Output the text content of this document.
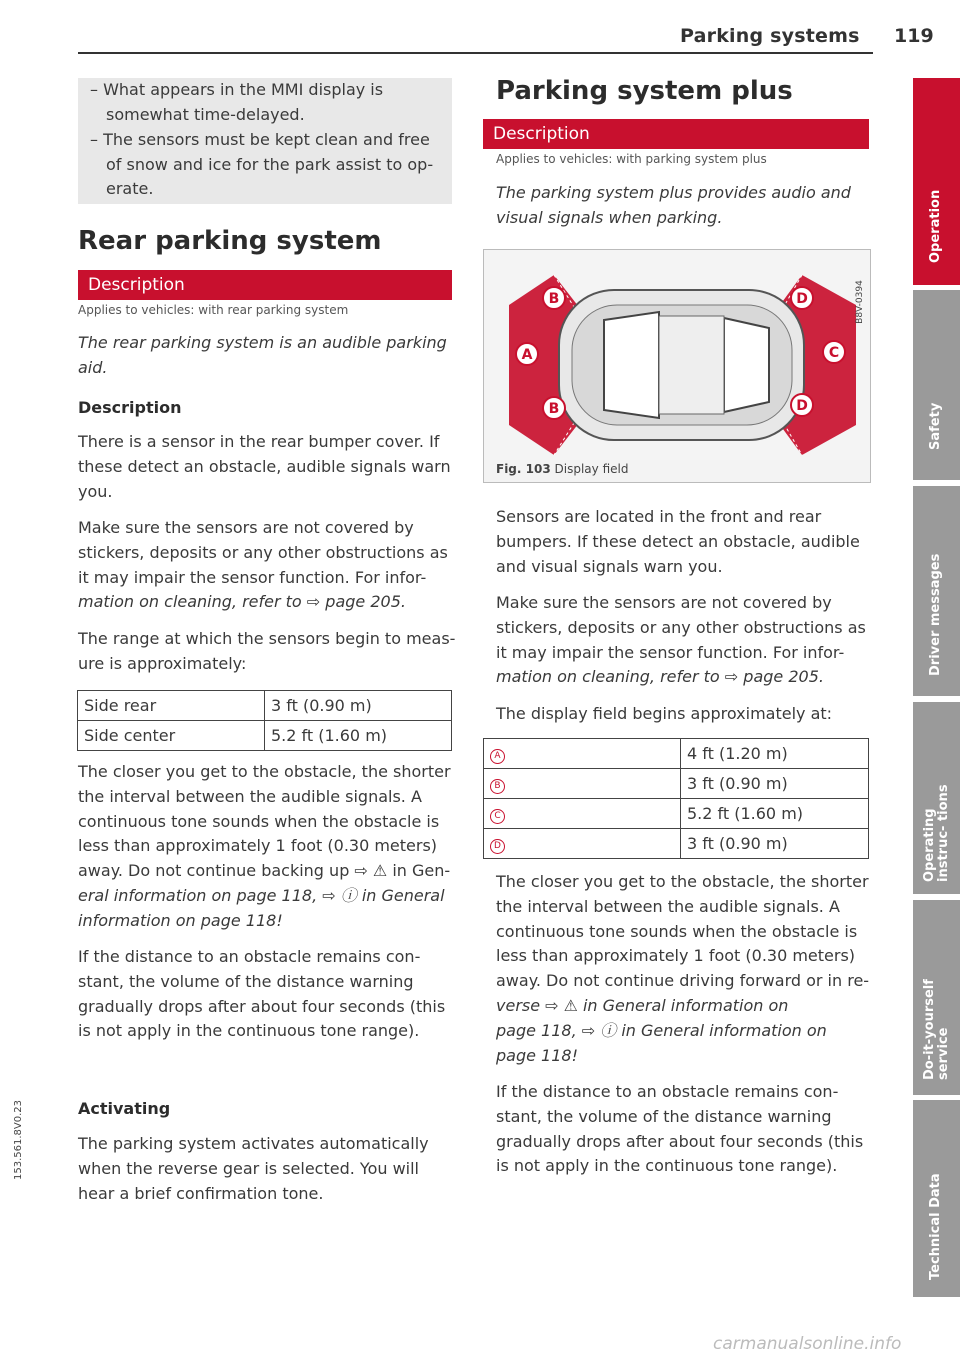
Parking systems 119
– What appears in the MMI display is
somewhat time-delayed.
– The sensors must be kept clean and free
of snow and ice for the park assist to op-
erate.
Rear parking system
Description
Applies to vehicles: with rear parking system
The rear parking system is an audible parking
aid.
Description
There is a sensor in the rear bumper cover. If
these detect an obstacle, audible signals warn
you.
Make sure the sensors are not covered by
stickers, deposits or any other obstructions as
it may impair the sensor function. For infor-
mation on cleaning, refer to ⇨ page 205.
The range at which the sensors begin to meas-
ure is approximately:
Side rear	3 ft (0.90 m)
Side center	5.2 ft (1.60 m)
The closer you get to the obstacle, the shorter
the interval between the audible signals. A
continuous tone sounds when the obstacle is
less than approximately 1 foot (0.30 meters)
away. Do not continue backing up ⇨ ⚠ in Gen-
eral information on page 118, ⇨ ⓘ in General
information on page 118!
If the distance to an obstacle remains con-
stant, the volume of the distance warning
gradually drops after about four seconds (this
is not apply in the continuous tone range).
Activating
The parking system activates automatically
when the reverse gear is selected. You will
hear a brief confirmation tone.
Parking system plus
Description
Applies to vehicles: with parking system plus
The parking system plus provides audio and
visual signals when parking.
B
A
B
D
C
D
B8V-0394
Fig. 103 Display field
Sensors are located in the front and rear
bumpers. If these detect an obstacle, audible
and visual signals warn you.
Make sure the sensors are not covered by
stickers, deposits or any other obstructions as
it may impair the sensor function. For infor-
mation on cleaning, refer to ⇨ page 205.
The display field begins approximately at:
A	4 ft (1.20 m)
B	3 ft (0.90 m)
C	5.2 ft (1.60 m)
D	3 ft (0.90 m)
The closer you get to the obstacle, the shorter
the interval between the audible signals. A
continuous tone sounds when the obstacle is
less than approximately 1 foot (0.30 meters)
away. Do not continue driving forward or in re-
verse ⇨ ⚠ in General information on
page 118, ⇨ ⓘ in General information on
page 118!
If the distance to an obstacle remains con-
stant, the volume of the distance warning
gradually drops after about four seconds (this
is not apply in the continuous tone range).
Operation
Safety
Driver messages
Operating instruc- tions
Do-it-yourself service
Technical Data
153.561.8V0.23
carmanualsonline.info
